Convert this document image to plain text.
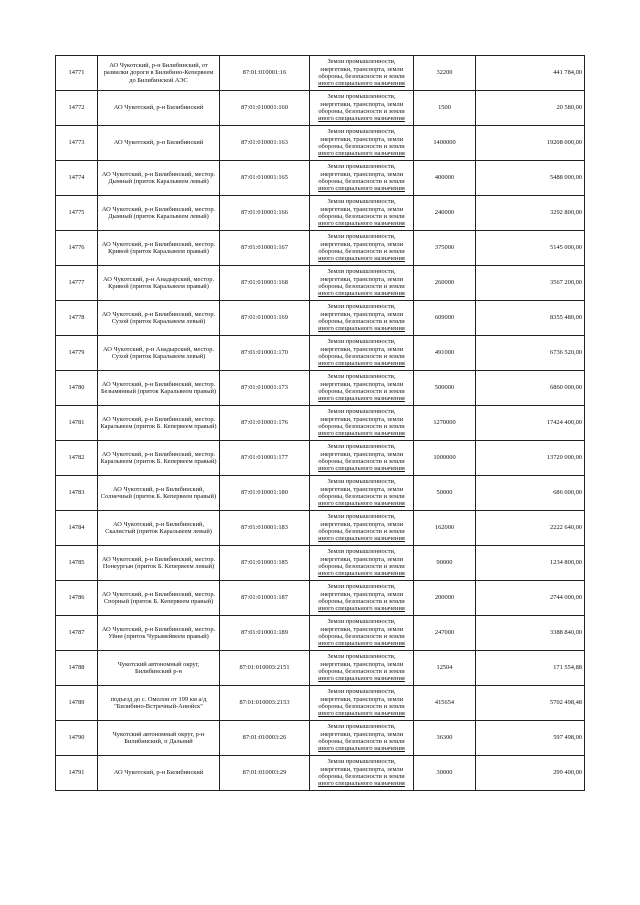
14771	АО Чукотский, р-н Билибинский, от развилки дороги в Билибино-Кепервеем до Билибинской АЭС	87:01:010001:16	Земли промышленности,
энергетики, транспорта, земли
обороны, безопасности и земли
иного специального назначения	32200	441 784,00
14772	АО Чукотский, р-н Билибинский	87:01:010001:160	Земли промышленности,
энергетики, транспорта, земли
обороны, безопасности и земли
иного специального назначения	1500	20 580,00
14773	АО Чукотский, р-н Билибинский	87:01:010001:163	Земли промышленности,
энергетики, транспорта, земли
обороны, безопасности и земли
иного специального назначения	1400000	19208 000,00
14774	АО Чукотский, р-н Билибинский, местор. Дымный (приток Каральвеем левый)	87:01:010001:165	Земли промышленности,
энергетики, транспорта, земли
обороны, безопасности и земли
иного специального назначения	400000	5488 000,00
14775	АО Чукотский, р-н Билибинский, местор. Дымный (приток Каральвеем левый)	87:01:010001:166	Земли промышленности,
энергетики, транспорта, земли
обороны, безопасности и земли
иного специального назначения	240000	3292 800,00
14776	АО Чукотский, р-н Билибинский, местор. Кривой (приток Каральвеем правый)	87:01:010001:167	Земли промышленности,
энергетики, транспорта, земли
обороны, безопасности и земли
иного специального назначения	375000	5145 000,00
14777	АО Чукотский, р-н Анадырский, местор. Кривой (приток Каральвеем правый)	87:01:010001:168	Земли промышленности,
энергетики, транспорта, земли
обороны, безопасности и земли
иного специального назначения	260000	3567 200,00
14778	АО Чукотский, р-н Билибинский, местор. Сухой (приток Каральвеем левый)	87:01:010001:169	Земли промышленности,
энергетики, транспорта, земли
обороны, безопасности и земли
иного специального назначения	609000	8355 480,00
14779	АО Чукотский, р-н Анадырский, местор. Сухой (приток Каральвеем левый)	87:01:010001:170	Земли промышленности,
энергетики, транспорта, земли
обороны, безопасности и земли
иного специального назначения	491000	6736 520,00
14780	АО Чукотский, р-н Билибинский, местор. Безымянный (приток Каральвеем правый)	87:01:010001:173	Земли промышленности,
энергетики, транспорта, земли
обороны, безопасности и земли
иного специального назначения	500000	6860 000,00
14781	АО Чукотский, р-н Билибинский, местор. Каральвеем (приток Б. Кепервеем правый)	87:01:010001:176	Земли промышленности,
энергетики, транспорта, земли
обороны, безопасности и земли
иного специального назначения	1270000	17424 400,00
14782	АО Чукотский, р-н Билибинский, местор. Каральвеем (приток Б. Кепервеем правый)	87:01:010001:177	Земли промышленности,
энергетики, транспорта, земли
обороны, безопасности и земли
иного специального назначения	1000000	13720 000,00
14783	АО Чукотский, р-н Билибинский, Солнечный (приток Б. Кепервеем правый)	87:01:010001:180	Земли промышленности,
энергетики, транспорта, земли
обороны, безопасности и земли
иного специального назначения	50000	686 000,00
14784	АО Чукотский, р-н Билибинский, Скалистый (приток Каральвеем левый)	87:01:010001:183	Земли промышленности,
энергетики, транспорта, земли
обороны, безопасности и земли
иного специального назначения	162000	2222 640,00
14785	АО Чукотский, р-н Билибинский, местор. Понеургын (приток Б. Кепервеем левый)	87:01:010001:185	Земли промышленности,
энергетики, транспорта, земли
обороны, безопасности и земли
иного специального назначения	90000	1234 800,00
14786	АО Чукотский, р-н Билибинский, местор. Спорный (приток Б. Кепервеем правый)	87:01:010001:187	Земли промышленности,
энергетики, транспорта, земли
обороны, безопасности и земли
иного специального назначения	200000	2744 000,00
14787	АО Чукотский, р-н Билибинский, местор. Уйни (приток Чурымейвеем правый)	87:01:010001:189	Земли промышленности,
энергетики, транспорта, земли
обороны, безопасности и земли
иного специального назначения	247000	3388 840,00
14788	Чукотский автономный округ, Билибинский р-н	87:01:010003:2151	Земли промышленности,
энергетики, транспорта, земли
обороны, безопасности и земли
иного специального назначения	12504	171 554,88
14789	подъезд до с. Омолон от 199 км а/д "Билибино-Встречный-Анюйск"	87:01:010003:2153	Земли промышленности,
энергетики, транспорта, земли
обороны, безопасности и земли
иного специального назначения	415654	5702 498,48
14790	Чукотский автономный округ, р-н Билибинский, п Дальний	87:01:010003:26	Земли промышленности,
энергетики, транспорта, земли
обороны, безопасности и земли
иного специального назначения	36300	597 498,00
14791	АО Чукотский, р-н Билибинский	87:01:010003:29	Земли промышленности,
энергетики, транспорта, земли
обороны, безопасности и земли
иного специального назначения	30000	299 400,00
